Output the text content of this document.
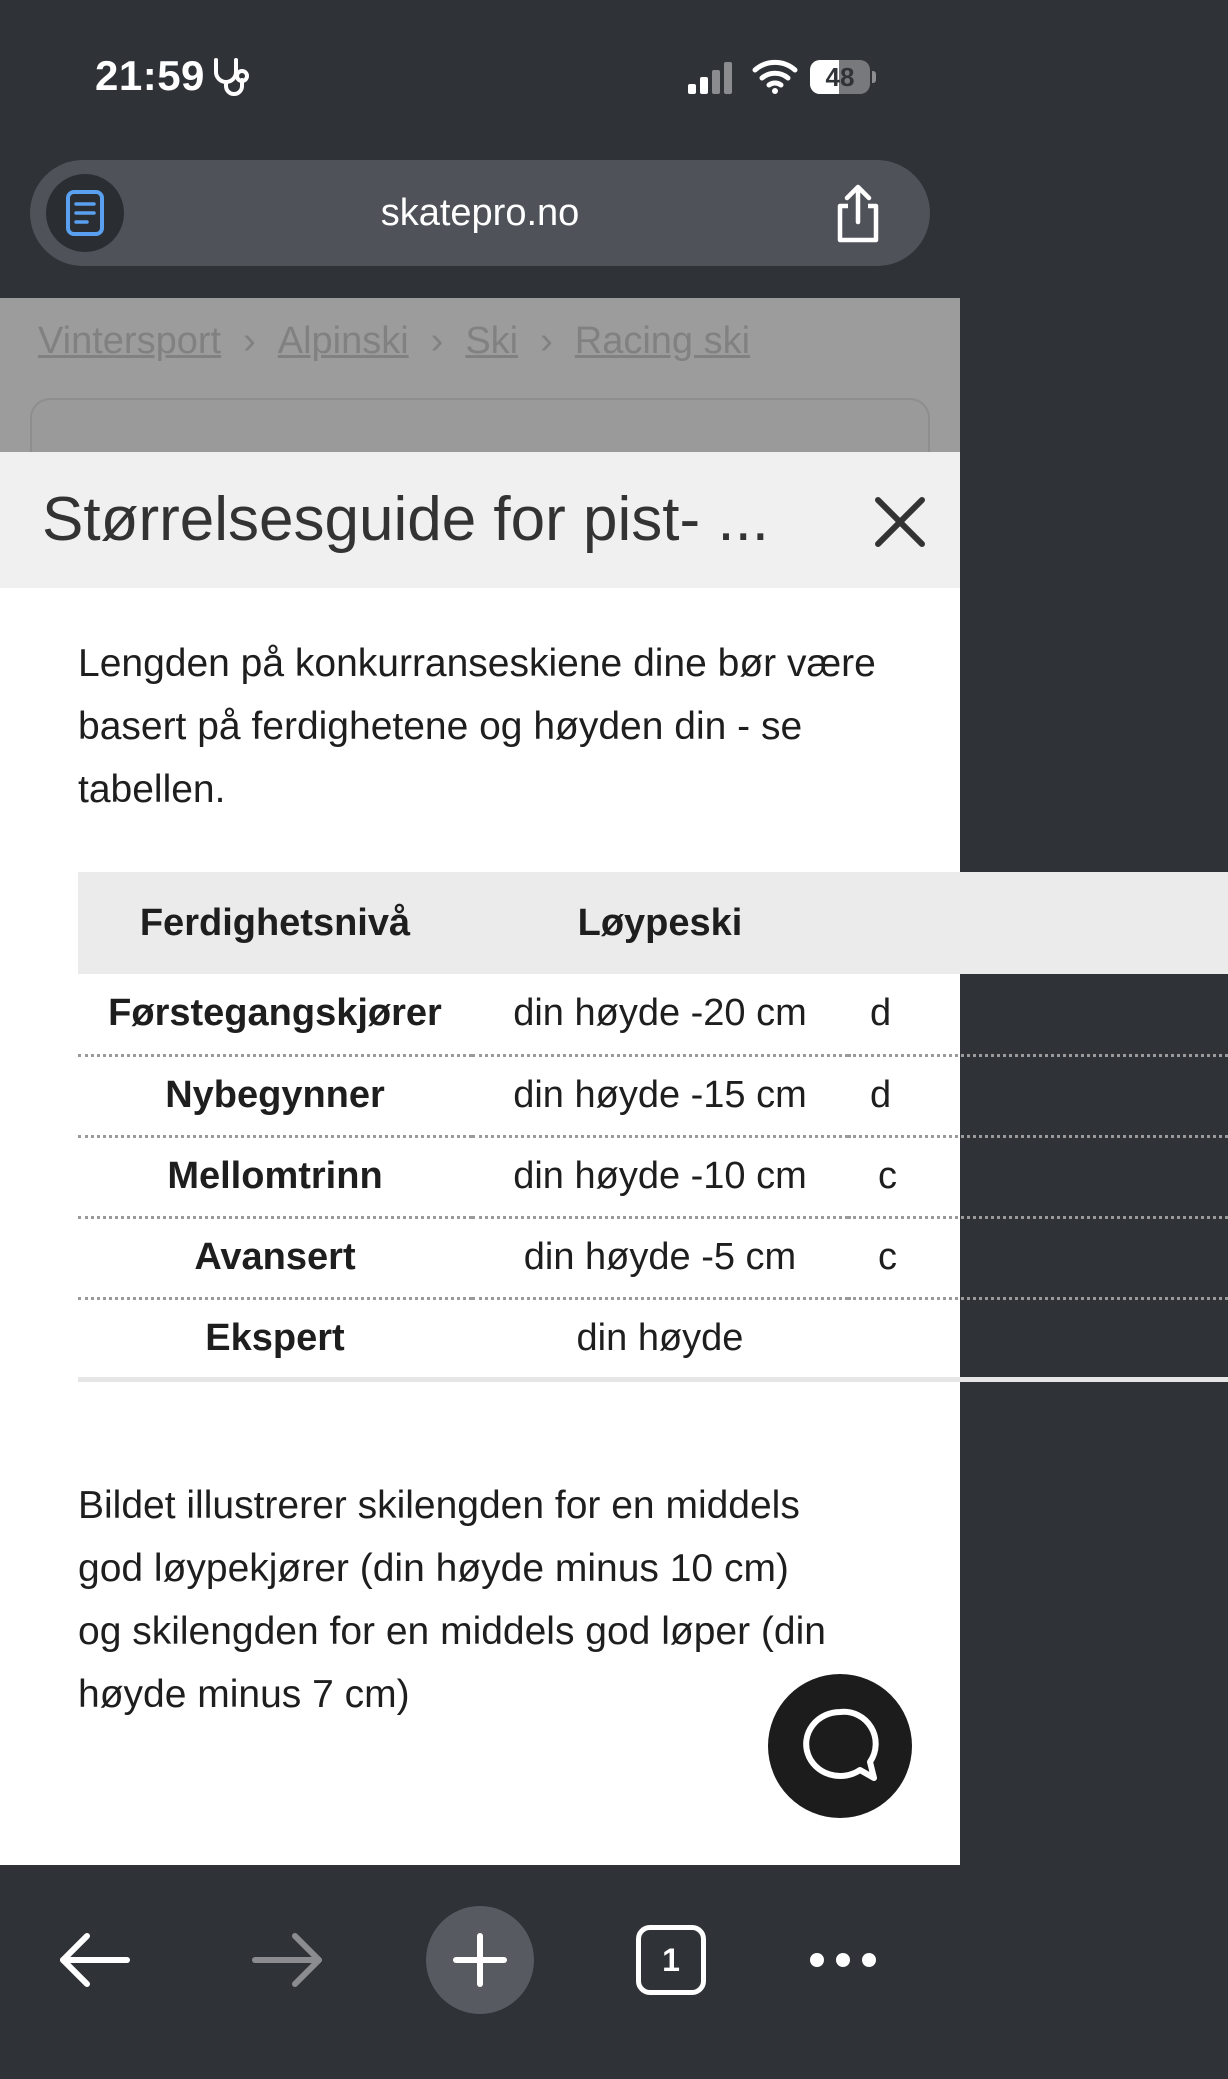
21:59	48
skatepro.no
Vintersport › Alpinski › Ski › Racing ski
Størrelsesguide for pist- ...

Lengden på konkurranseskiene dine bør være basert på ferdighetene og høyden din - se tabellen.

Ferdighetsnivå	Løypeski	
Førstegangskjører	din høyde -20 cm	d
Nybegynner	din høyde -15 cm	d
Mellomtrinn	din høyde -10 cm	c
Avansert	din høyde -5 cm	c
Ekspert	din høyde	

Bildet illustrerer skilengden for en middels god løypekjører (din høyde minus 10 cm) og skilengden for en middels god løper (din høyde minus 7 cm)

1
